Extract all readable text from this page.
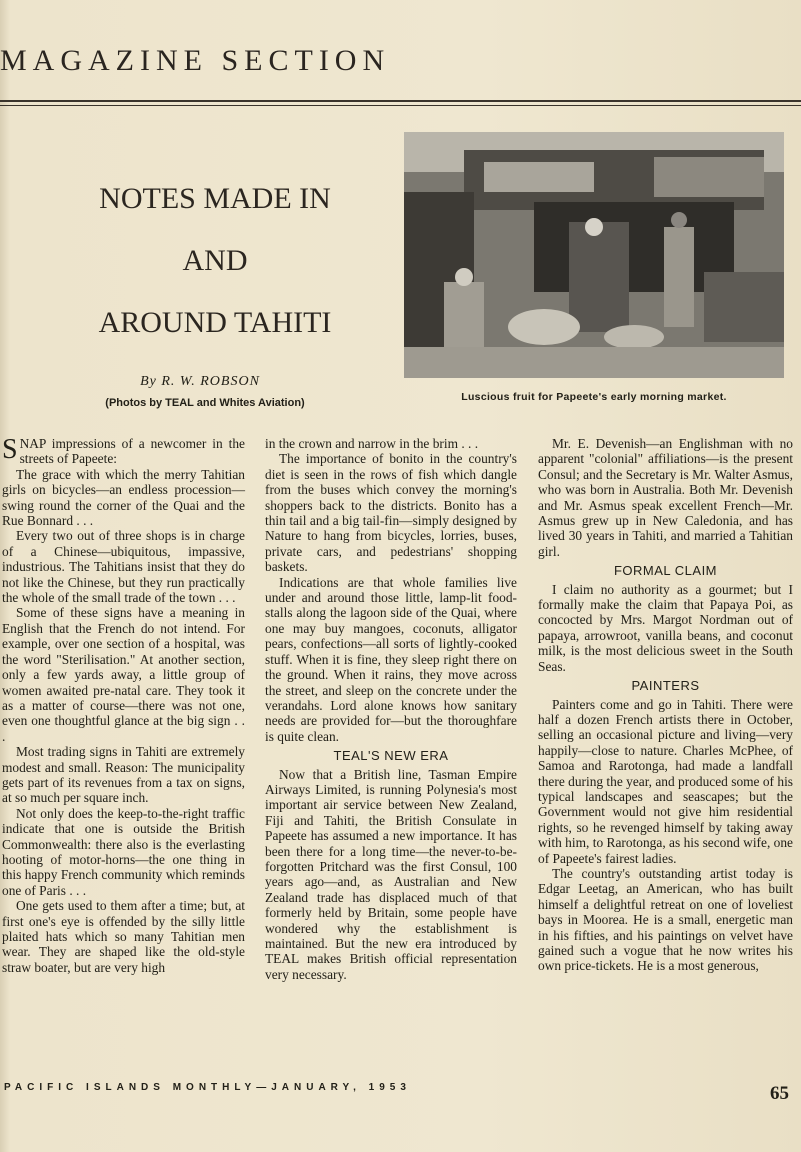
MAGAZINE SECTION
NOTES MADE IN
AND
AROUND TAHITI
By R. W. ROBSON
(Photos by TEAL and Whites Aviation)	Luscious fruit for Papeete's early morning market.

SNAP impressions of a newcomer in the streets of Papeete:

The grace with which the merry Tahitian girls on bicycles—an endless procession—swing round the corner of the Quai and the Rue Bonnard . . .

Every two out of three shops is in charge of a Chinese—ubiquitous, impassive, industrious. The Tahitians insist that they do not like the Chinese, but they run practically the whole of the small trade of the town . . .

Some of these signs have a meaning in English that the French do not intend. For example, over one section of a hospital, was the word "Sterilisation." At another section, only a few yards away, a little group of women awaited pre-natal care. They took it as a matter of course—there was not one, even one thoughtful glance at the big sign . . .

Most trading signs in Tahiti are extremely modest and small. Reason: The municipality gets part of its revenues from a tax on signs, at so much per square inch.

Not only does the keep-to-the-right traffic indicate that one is outside the British Commonwealth: there also is the everlasting hooting of motor-horns—the one thing in this happy French community which reminds one of Paris . . .

One gets used to them after a time; but, at first one's eye is offended by the silly little plaited hats which so many Tahitian men wear. They are shaped like the old-style straw boater, but are very high

in the crown and narrow in the brim . . .

The importance of bonito in the country's diet is seen in the rows of fish which dangle from the buses which convey the morning's shoppers back to the districts. Bonito has a thin tail and a big tail-fin—simply designed by Nature to hang from bicycles, lorries, buses, private cars, and pedestrians' shopping baskets.

Indications are that whole families live under and around those little, lamp-lit food-stalls along the lagoon side of the Quai, where one may buy mangoes, coconuts, alligator pears, confections—all sorts of lightly-cooked stuff. When it is fine, they sleep right there on the ground. When it rains, they move across the street, and sleep on the concrete under the verandahs. Lord alone knows how sanitary needs are provided for—but the thoroughfare is quite clean.

TEAL'S NEW ERA

Now that a British line, Tasman Empire Airways Limited, is running Polynesia's most important air service between New Zealand, Fiji and Tahiti, the British Consulate in Papeete has assumed a new importance. It has been there for a long time—the never-to-be-forgotten Pritchard was the first Consul, 100 years ago—and, as Australian and New Zealand trade has displaced much of that formerly held by Britain, some people have wondered why the establishment is maintained. But the new era introduced by TEAL makes British official representation very necessary.

Mr. E. Devenish—an Englishman with no apparent "colonial" affiliations—is the present Consul; and the Secretary is Mr. Walter Asmus, who was born in Australia. Both Mr. Devenish and Mr. Asmus speak excellent French—Mr. Asmus grew up in New Caledonia, and has lived 30 years in Tahiti, and married a Tahitian girl.

FORMAL CLAIM

I claim no authority as a gourmet; but I formally make the claim that Papaya Poi, as concocted by Mrs. Margot Nordman out of papaya, arrowroot, vanilla beans, and coconut milk, is the most delicious sweet in the South Seas.

PAINTERS

Painters come and go in Tahiti. There were half a dozen French artists there in October, selling an occasional picture and living—very happily—close to nature. Charles McPhee, of Samoa and Rarotonga, had made a landfall there during the year, and produced some of his typical landscapes and seascapes; but the Government would not give him residential rights, so he revenged himself by taking away with him, to Rarotonga, as his second wife, one of Papeete's fairest ladies.

The country's outstanding artist today is Edgar Leetag, an American, who has built himself a delightful retreat on one of loveliest bays in Moorea. He is a small, energetic man in his fifties, and his paintings on velvet have gained such a vogue that he now writes his own price-tickets. He is a most generous,

PACIFIC ISLANDS MONTHLY—JANUARY, 1953	65
